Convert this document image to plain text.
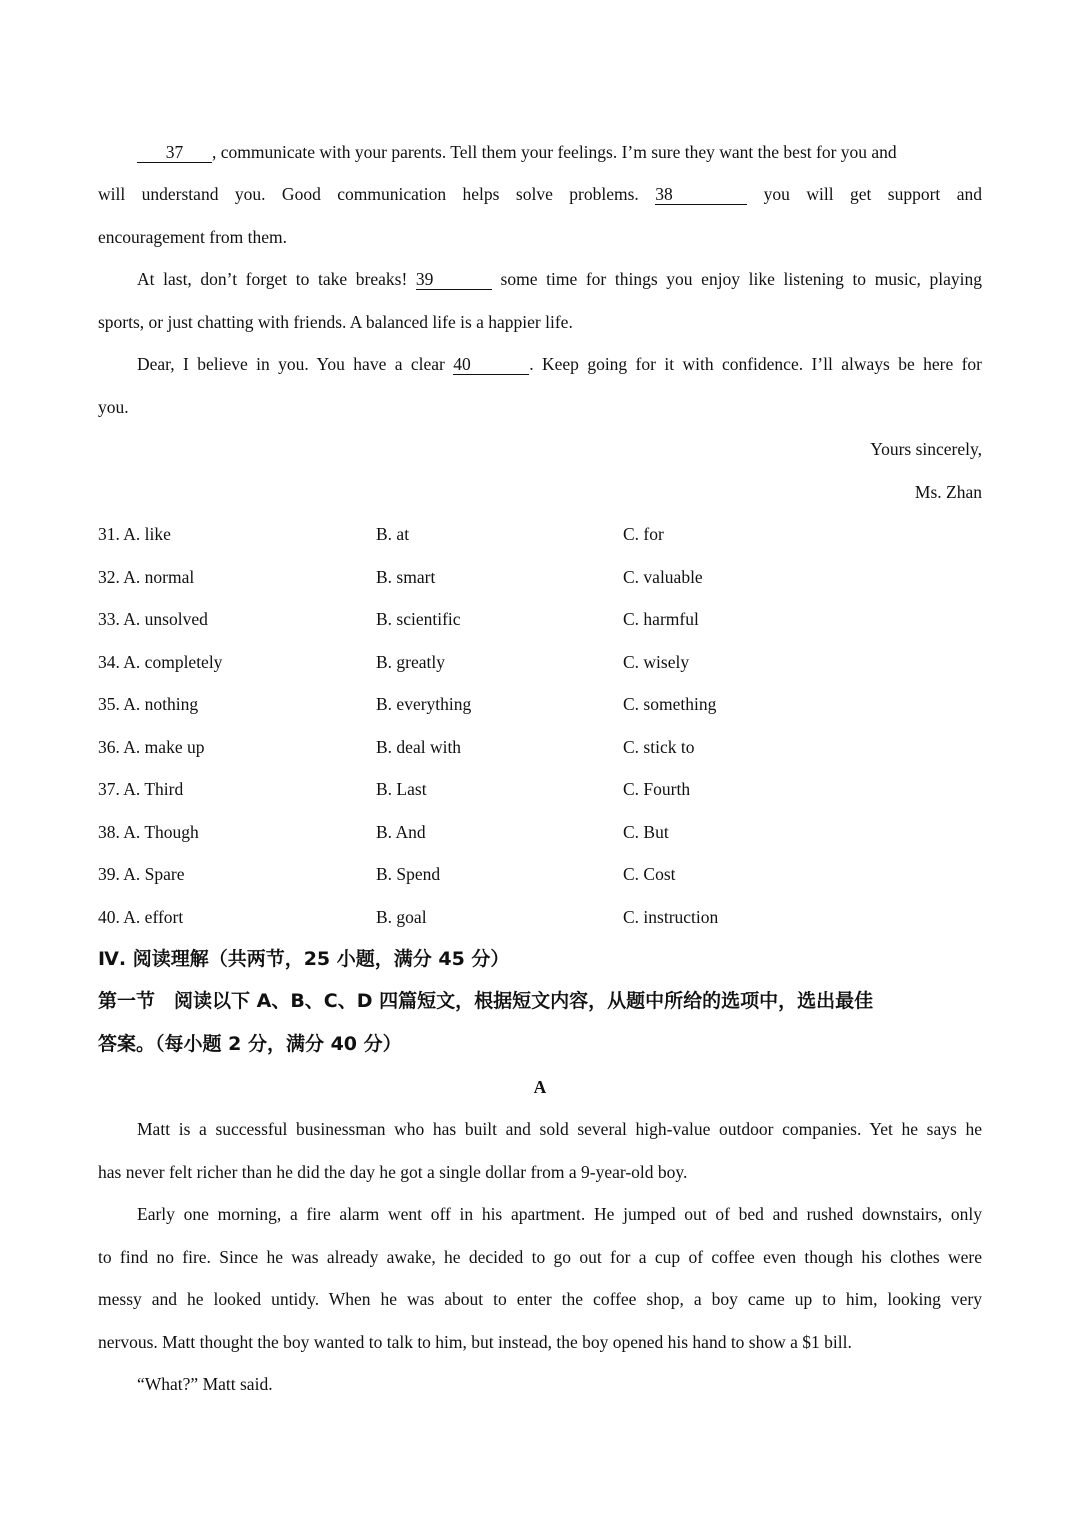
37 , communicate with your parents. Tell them your feelings. I’m sure they want the best for you and
will understand you. Good communication helps solve problems. 38	you will get support and
encouragement from them.
At last, don’t forget to take breaks! 39	some time for things you enjoy like listening to music, playing
sports, or just chatting with friends. A balanced life is a happier life.
Dear, I believe in you. You have a clear 40	. Keep going for it with confidence. I’ll always be here for
you.
Yours sincerely,
Ms. Zhan
31. A. like	B. at	C. for
32. A. normal	B. smart	C. valuable
33. A. unsolved	B. scientific	C. harmful
34. A. completely	B. greatly	C. wisely
35. A. nothing	B. everything	C. something
36. A. make up	B. deal with	C. stick to
37. A. Third	B. Last	C. Fourth
38. A. Though	B. And	C. But
39. A. Spare	B. Spend	C. Cost
40. A. effort	B. goal	C. instruction
Ⅳ. 阅读理解（共两节，25 小题，满分 45 分）
第一节　阅读以下 A、B、C、D 四篇短文，根据短文内容，从题中所给的选项中，选出最佳
答案。（每小题 2 分，满分 40 分）
A
Matt is a successful businessman who has built and sold several high-value outdoor companies. Yet he says he
has never felt richer than he did the day he got a single dollar from a 9-year-old boy.
Early one morning, a fire alarm went off in his apartment. He jumped out of bed and rushed downstairs, only
to find no fire. Since he was already awake, he decided to go out for a cup of coffee even though his clothes were
messy and he looked untidy. When he was about to enter the coffee shop, a boy came up to him, looking very
nervous. Matt thought the boy wanted to talk to him, but instead, the boy opened his hand to show a $1 bill.
“What?” Matt said.
